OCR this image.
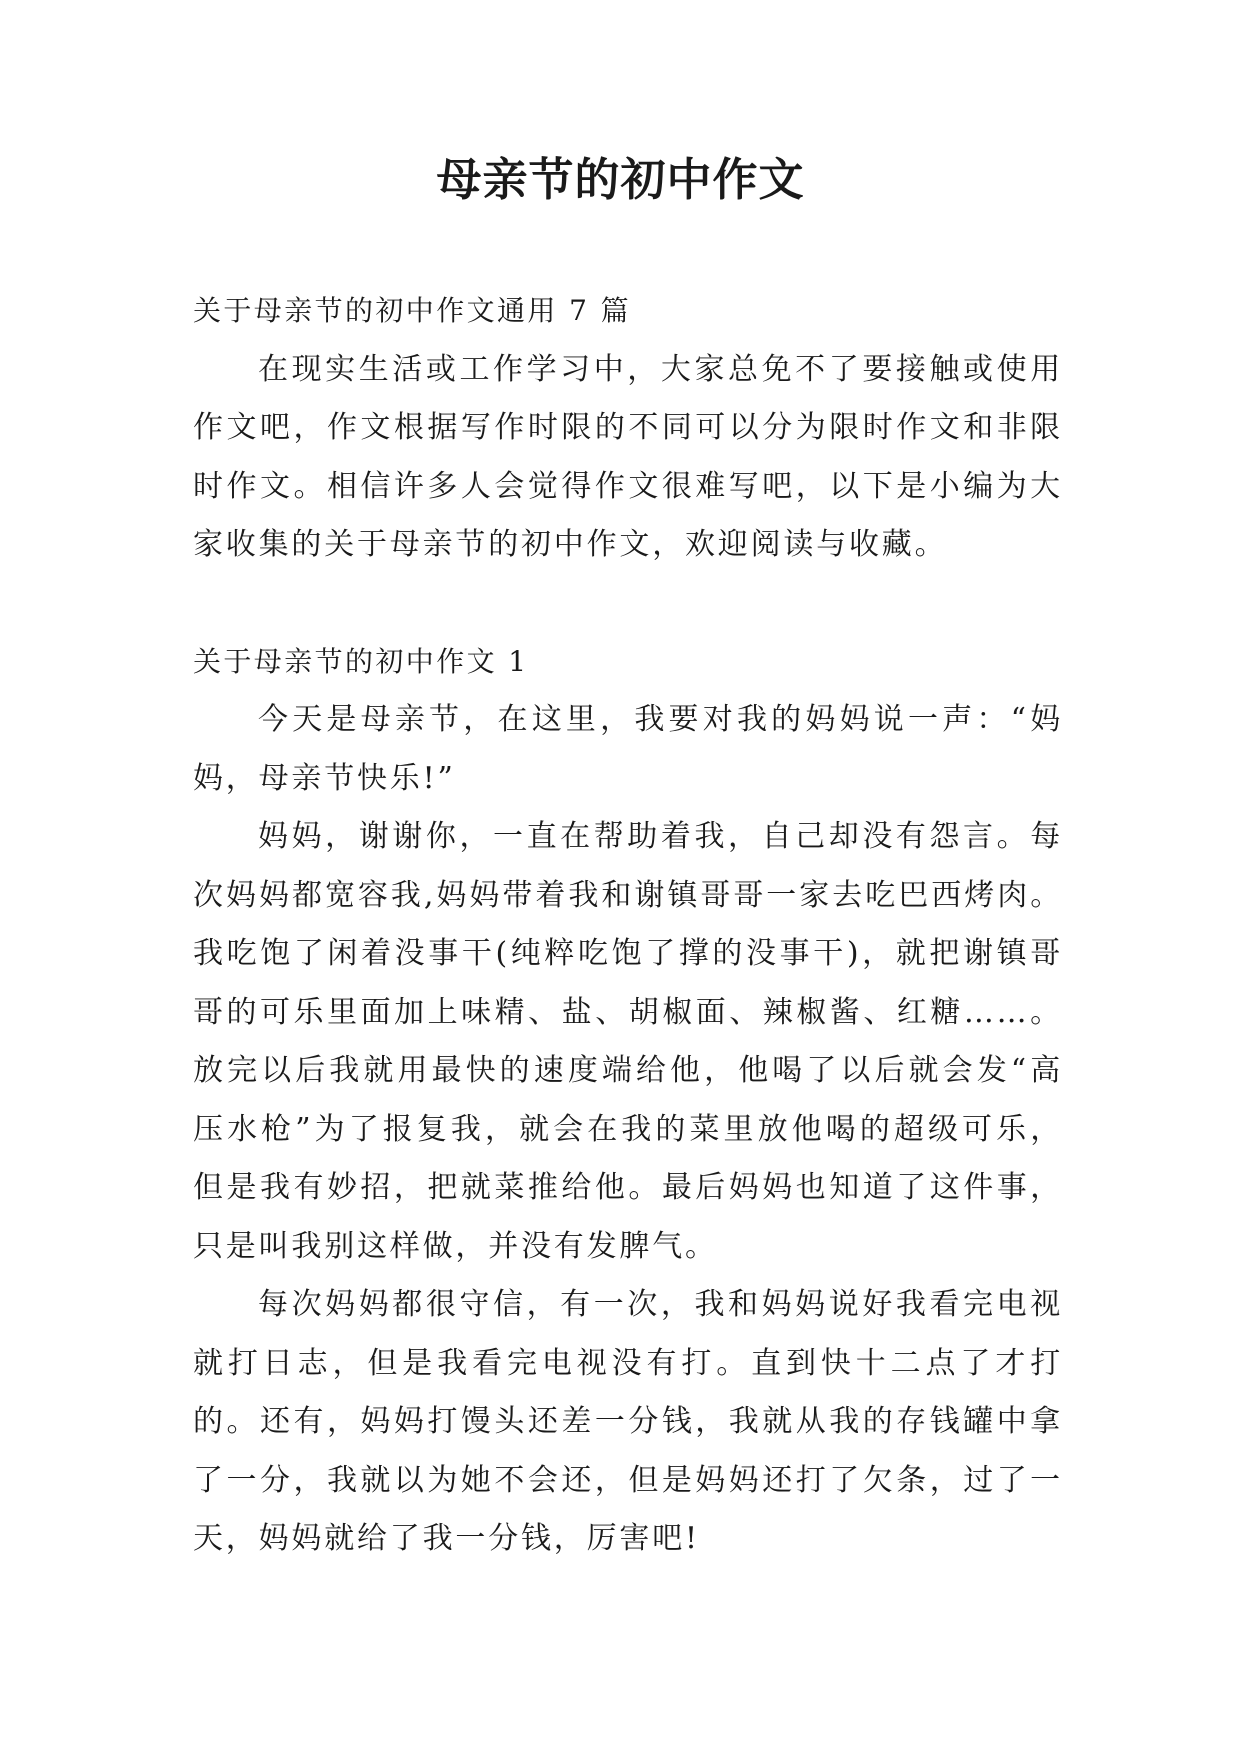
母亲节的初中作文

关于母亲节的初中作文通用 7 篇

在现实生活或工作学习中，大家总免不了要接触或使用作文吧，作文根据写作时限的不同可以分为限时作文和非限时作文。相信许多人会觉得作文很难写吧，以下是小编为大家收集的关于母亲节的初中作文，欢迎阅读与收藏。

关于母亲节的初中作文 1

今天是母亲节，在这里，我要对我的妈妈说一声：“妈妈，母亲节快乐!”

妈妈，谢谢你，一直在帮助着我，自己却没有怨言。每次妈妈都宽容我,妈妈带着我和谢镇哥哥一家去吃巴西烤肉。我吃饱了闲着没事干(纯粹吃饱了撑的没事干)，就把谢镇哥哥的可乐里面加上味精、盐、胡椒面、辣椒酱、红糖……。放完以后我就用最快的速度端给他，他喝了以后就会发“高压水枪”为了报复我，就会在我的菜里放他喝的超级可乐，但是我有妙招，把就菜推给他。最后妈妈也知道了这件事，只是叫我别这样做，并没有发脾气。

每次妈妈都很守信，有一次，我和妈妈说好我看完电视就打日志，但是我看完电视没有打。直到快十二点了才打的。还有，妈妈打馒头还差一分钱，我就从我的存钱罐中拿了一分，我就以为她不会还，但是妈妈还打了欠条，过了一天，妈妈就给了我一分钱，厉害吧!
